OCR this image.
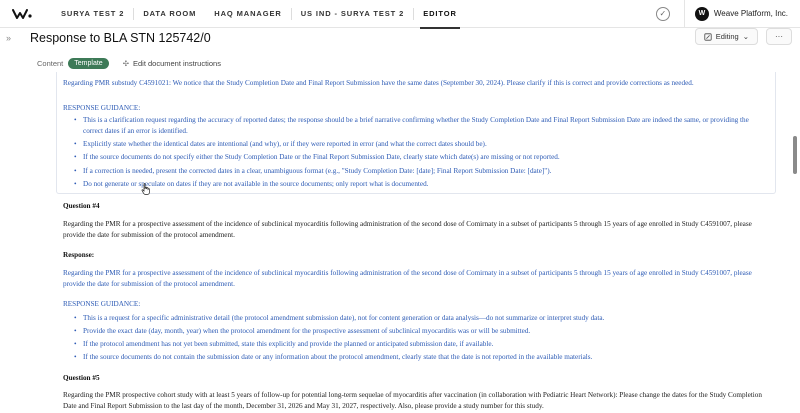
SURYA TEST 2	DATA ROOM	HAQ MANAGER	US IND - SURYA TEST 2	EDITOR	✓	W	Weave Platform, Inc.
»	Response to BLA STN 125742/0	Editing ⌄	···
Content	Template	✣ Edit document instructions
Regarding PMR substudy C4591021: We notice that the Study Completion Date and Final Report Submission have the same dates (September 30, 2024). Please clarify if this is correct and provide corrections as needed.
RESPONSE GUIDANCE:
• This is a clarification request regarding the accuracy of reported dates; the response should be a brief narrative confirming whether the Study Completion Date and Final Report Submission Date are indeed the same, or providing the correct dates if an error is identified.
• Explicitly state whether the identical dates are intentional (and why), or if they were reported in error (and what the correct dates should be).
• If the source documents do not specify either the Study Completion Date or the Final Report Submission Date, clearly state which date(s) are missing or not reported.
• If a correction is needed, present the corrected dates in a clear, unambiguous format (e.g., "Study Completion Date: [date]; Final Report Submission Date: [date]").
• Do not generate or speculate on dates if they are not available in the source documents; only report what is documented.
Question #4
Regarding the PMR for a prospective assessment of the incidence of subclinical myocarditis following administration of the second dose of Comirnaty in a subset of participants 5 through 15 years of age enrolled in Study C4591007, please provide the date for submission of the protocol amendment.
Response:
Regarding the PMR for a prospective assessment of the incidence of subclinical myocarditis following administration of the second dose of Comirnaty in a subset of participants 5 through 15 years of age enrolled in Study C4591007, please provide the date for submission of the protocol amendment.
RESPONSE GUIDANCE:
• This is a request for a specific administrative detail (the protocol amendment submission date), not for content generation or data analysis—do not summarize or interpret study data.
• Provide the exact date (day, month, year) when the protocol amendment for the prospective assessment of subclinical myocarditis was or will be submitted.
• If the protocol amendment has not yet been submitted, state this explicitly and provide the planned or anticipated submission date, if available.
• If the source documents do not contain the submission date or any information about the protocol amendment, clearly state that the date is not reported in the available materials.
Question #5
Regarding the PMR prospective cohort study with at least 5 years of follow-up for potential long-term sequelae of myocarditis after vaccination (in collaboration with Pediatric Heart Network): Please change the dates for the Study Completion Date and Final Report Submission to the last day of the month, December 31, 2026 and May 31, 2027, respectively. Also, please provide a study number for this study.
